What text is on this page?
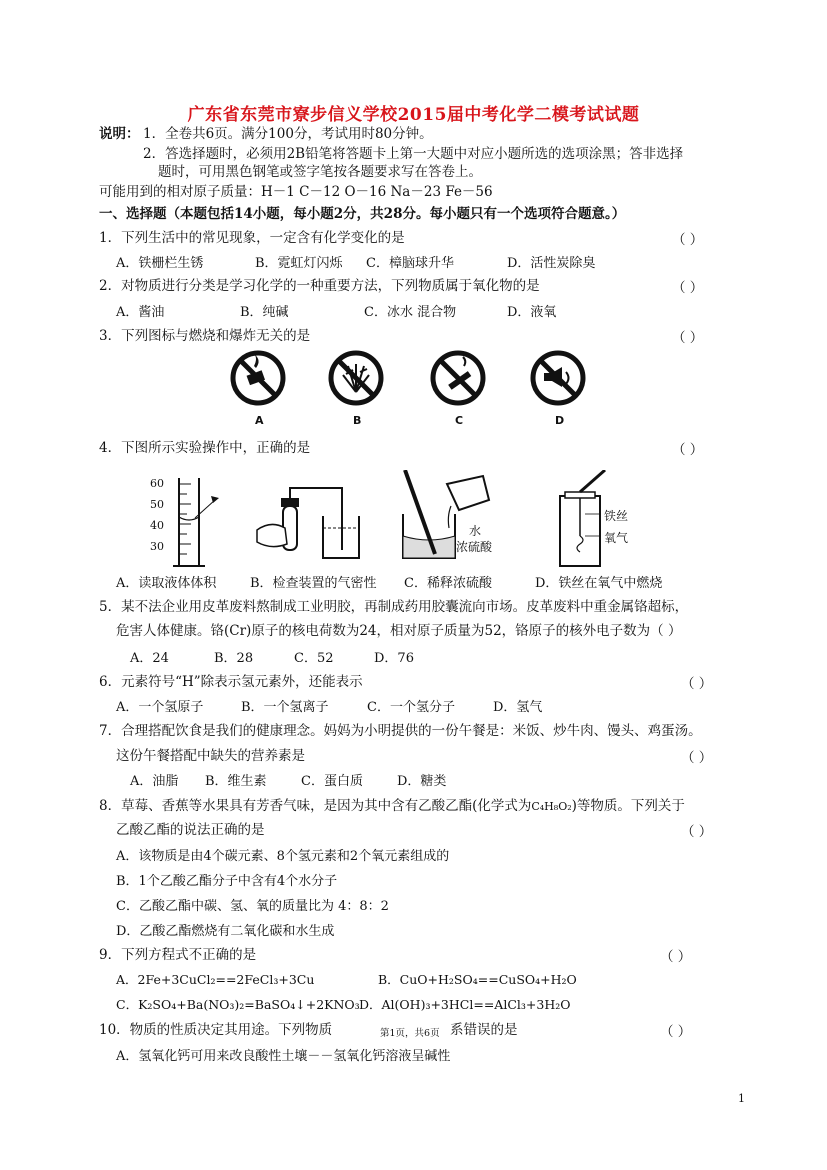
广东省东莞市寮步信义学校2015届中考化学二模考试试题
说明： 1．全卷共6页。满分100分，考试用时80分钟。
2．答选择题时，必须用2B铅笔将答题卡上第一大题中对应小题所选的选项涂黑；答非选择
题时，可用黑色钢笔或签字笔按各题要求写在答卷上。
可能用到的相对原子质量：H－1 C－12 O－16 Na－23 Fe－56
一、选择题（本题包括14小题，每小题2分，共28分。每小题只有一个选项符合题意。）
1．下列生活中的常见现象，一定含有化学变化的是	（ ）
A．铁栅栏生锈	B．霓虹灯闪烁 C．樟脑球升华	D．活性炭除臭
2．对物质进行分类是学习化学的一种重要方法，下列物质属于氧化物的是	（ ）
A．酱油	B．纯碱	C．冰水 混合物	D．液氧
3．下列图标与燃烧和爆炸无关的是	（ ）
A	B	C	D
4．下图所示实验操作中，正确的是	（ ）
60
50
40
30
水
浓硫酸
铁丝
氧气
A．读取液体体积	B．检查装置的气密性 C．稀释浓硫酸	D．铁丝在氧气中燃烧
5．某不法企业用皮革废料熬制成工业明胶，再制成药用胶囊流向市场。皮革废料中重金属铬超标，
危害人体健康。铬(Cr)原子的核电荷数为24，相对原子质量为52，铬原子的核外电子数为（ ）
A．24	B．28	C．52	D．76
6．元素符号“H”除表示氢元素外，还能表示	（ ）
A．一个氢原子	B．一个氢离子	C．一个氢分子	D．氢气
7．合理搭配饮食是我们的健康理念。妈妈为小明提供的一份午餐是：米饭、炒牛肉、馒头、鸡蛋汤。
这份午餐搭配中缺失的营养素是	（ ）
A．油脂 B．维生素	C．蛋白质	D．糖类
8．草莓、香蕉等水果具有芳香气味，是因为其中含有乙酸乙酯(化学式为C₄H₈O₂)等物质。下列关于
乙酸乙酯的说法正确的是	（ ）
A．该物质是由4个碳元素、8个氢元素和2个氧元素组成的
B．1个乙酸乙酯分子中含有4个水分子
C．乙酸乙酯中碳、氢、氧的质量比为 4：8：2
D．乙酸乙酯燃烧有二氧化碳和水生成
9．下列方程式不正确的是	（ ）
A．2Fe+3CuCl₂==2FeCl₃+3Cu	B．CuO+H₂SO₄==CuSO₄+H₂O
C．K₂SO₄+Ba(NO₃)₂=BaSO₄↓+2KNO₃ D．Al(OH)₃+3HCl==AlCl₃+3H₂O
10．物质的性质决定其用途。下列物质	第1页，共6页 系错误的是	（ ）
A．氢氧化钙可用来改良酸性土壤－－氢氧化钙溶液呈碱性
1
